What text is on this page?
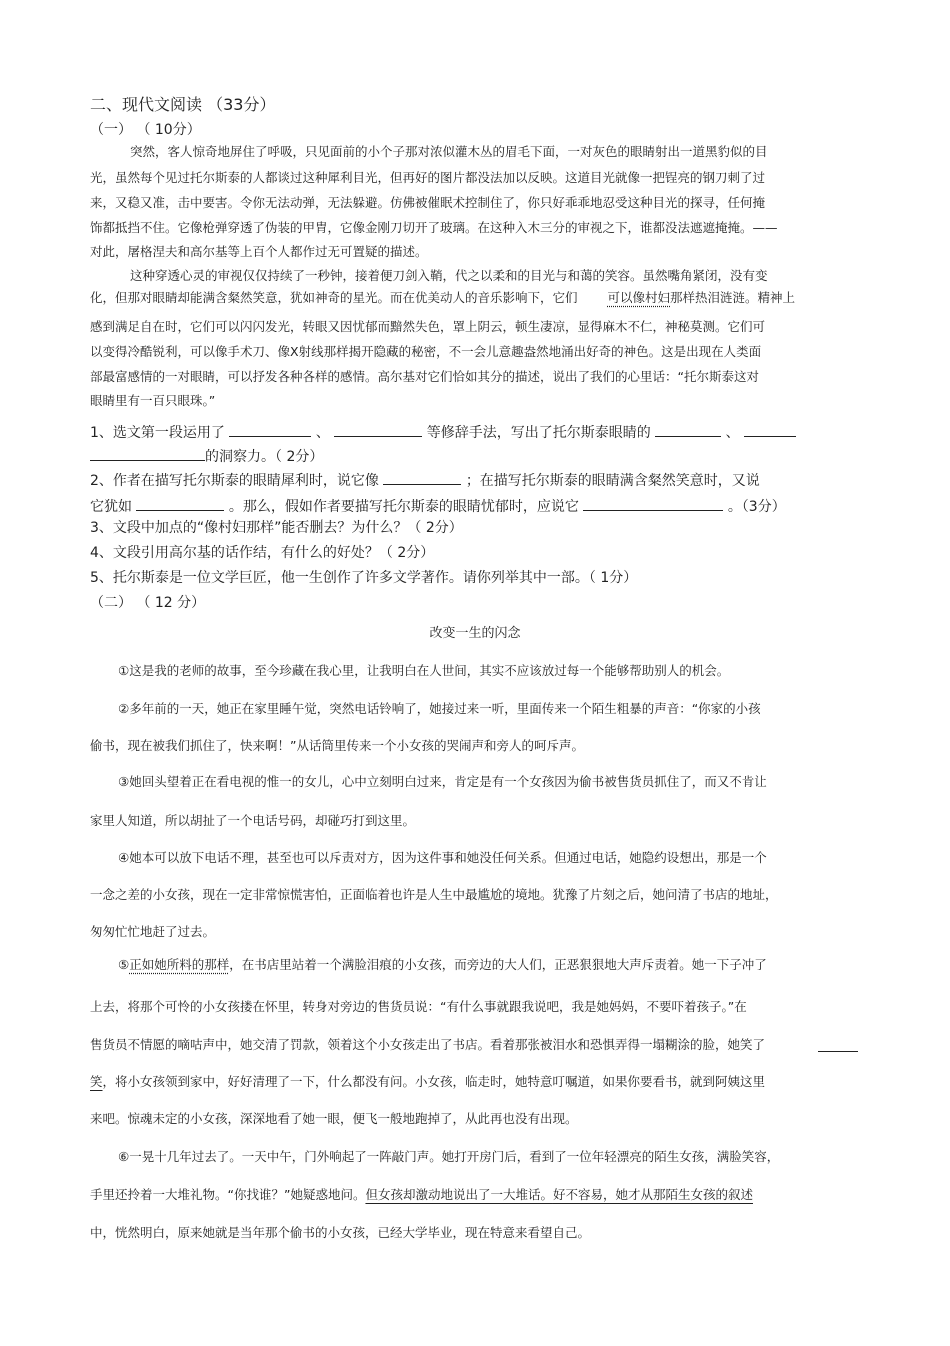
二、现代文阅读 （33分）
（一） （ 10分）
突然，客人惊奇地屏住了呼吸，只见面前的小个子那对浓似灌木丛的眉毛下面，一对灰色的眼睛射出一道黑豹似的目
光，虽然每个见过托尔斯泰的人都谈过这种犀利目光，但再好的图片都没法加以反映。这道目光就像一把锃亮的钢刀刺了过
来，又稳又准，击中要害。令你无法动弹，无法躲避。仿佛被催眠术控制住了，你只好乖乖地忍受这种目光的探寻，任何掩
饰都抵挡不住。它像枪弹穿透了伪装的甲胄，它像金刚刀切开了玻璃。在这种入木三分的审视之下，谁都没法遮遮掩掩。——
对此，屠格涅夫和高尔基等上百个人都作过无可置疑的描述。
这种穿透心灵的审视仅仅持续了一秒钟，接着便刀剑入鞘，代之以柔和的目光与和蔼的笑容。虽然嘴角紧闭，没有变
化，但那对眼睛却能满含粲然笑意，犹如神奇的星光。而在优美动人的音乐影响下，它们 可以像村妇那样热泪涟涟。精神上
感到满足自在时，它们可以闪闪发光，转眼又因忧郁而黯然失色，罩上阴云，顿生凄凉，显得麻木不仁，神秘莫测。它们可
以变得冷酷锐利，可以像手术刀、像X射线那样揭开隐藏的秘密，不一会儿意趣盎然地涌出好奇的神色。这是出现在人类面
部最富感情的一对眼睛，可以抒发各种各样的感情。高尔基对它们恰如其分的描述，说出了我们的心里话：“托尔斯泰这对
眼睛里有一百只眼珠。”
1、选文第一段运用了	、	等修辞手法，写出了托尔斯泰眼睛的	、
的洞察力。（ 2分）
2、作者在描写托尔斯泰的眼睛犀利时，说它像	；在描写托尔斯泰的眼睛满含粲然笑意时，又说
它犹如	。那么，假如作者要描写托尔斯泰的眼睛忧郁时，应说它	。（3分）
3、文段中加点的“像村妇那样”能否删去？为什么？（ 2分）
4、文段引用高尔基的话作结，有什么的好处？（ 2分）
5、托尔斯泰是一位文学巨匠，他一生创作了许多文学著作。请你列举其中一部。（ 1分）
（二） （ 12 分）
改变一生的闪念
①这是我的老师的故事，至今珍藏在我心里，让我明白在人世间，其实不应该放过每一个能够帮助别人的机会。
②多年前的一天，她正在家里睡午觉，突然电话铃响了，她接过来一听，里面传来一个陌生粗暴的声音：“你家的小孩
偷书，现在被我们抓住了，快来啊！”从话筒里传来一个小女孩的哭闹声和旁人的呵斥声。
③她回头望着正在看电视的惟一的女儿，心中立刻明白过来，肯定是有一个女孩因为偷书被售货员抓住了，而又不肯让
家里人知道，所以胡扯了一个电话号码，却碰巧打到这里。
④她本可以放下电话不理，甚至也可以斥责对方，因为这件事和她没任何关系。但通过电话，她隐约设想出，那是一个
一念之差的小女孩，现在一定非常惊慌害怕，正面临着也许是人生中最尴尬的境地。犹豫了片刻之后，她问清了书店的地址，
匆匆忙忙地赶了过去。
⑤正如她所料的那样，在书店里站着一个满脸泪痕的小女孩，而旁边的大人们，正恶狠狠地大声斥责着。她一下子冲了
上去，将那个可怜的小女孩搂在怀里，转身对旁边的售货员说：“有什么事就跟我说吧，我是她妈妈，不要吓着孩子。”在
售货员不情愿的嘀咕声中，她交清了罚款，领着这个小女孩走出了书店。看着那张被泪水和恐惧弄得一塌糊涂的脸，她笑了
笑，将小女孩领到家中，好好清理了一下，什么都没有问。小女孩，临走时，她特意叮嘱道，如果你要看书，就到阿姨这里
来吧。惊魂未定的小女孩，深深地看了她一眼，便飞一般地跑掉了，从此再也没有出现。
⑥一晃十几年过去了。一天中午，门外响起了一阵敲门声。她打开房门后，看到了一位年轻漂亮的陌生女孩，满脸笑容，
手里还拎着一大堆礼物。“你找谁？”她疑惑地问。但女孩却激动地说出了一大堆话。好不容易，她才从那陌生女孩的叙述
中，恍然明白，原来她就是当年那个偷书的小女孩，已经大学毕业，现在特意来看望自己。
